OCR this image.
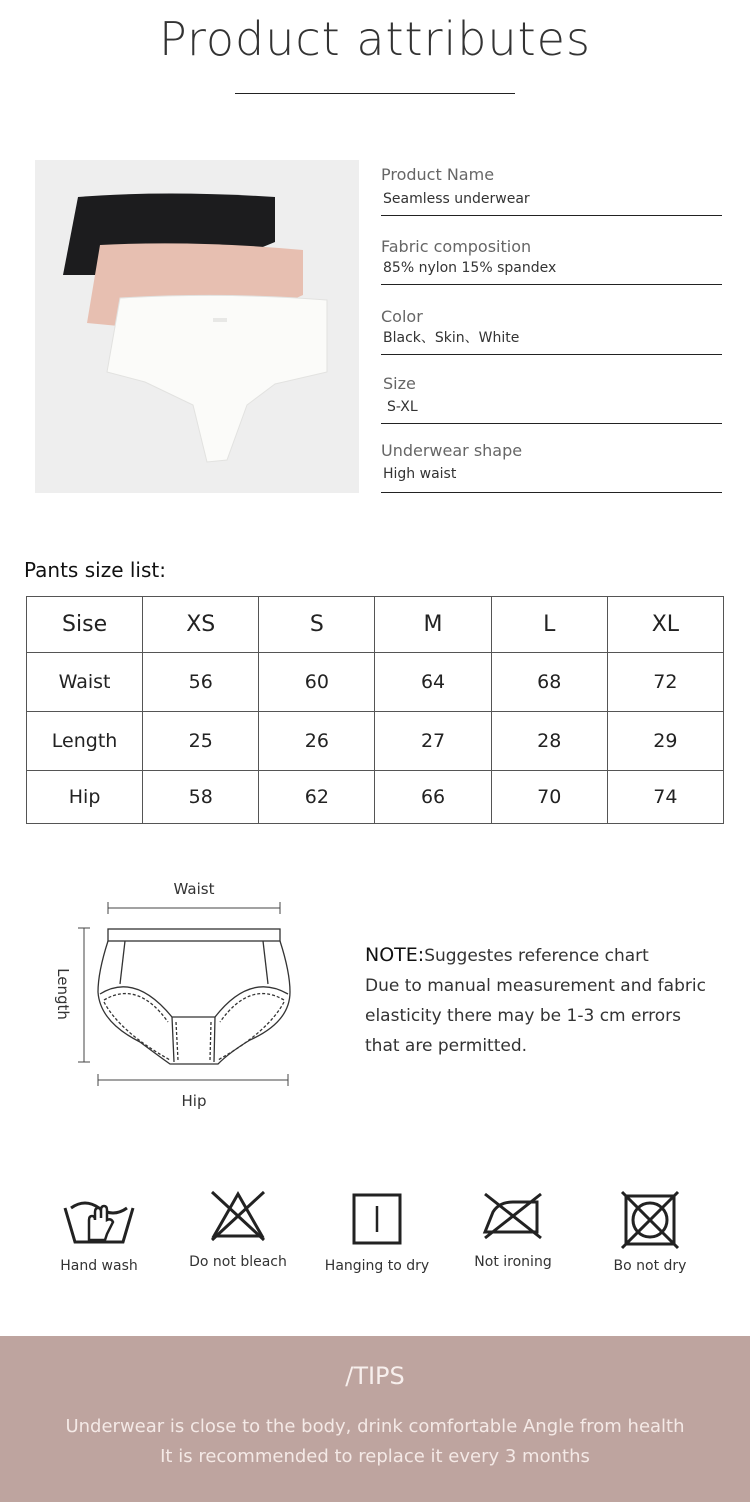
Product attributes
Product Name
Seamless underwear
Fabric composition
85% nylon 15% spandex
Color
Black、Skin、White
Size
S-XL
Underwear shape
High waist
Pants size list:
Sise	XS	S	M	L	XL
Waist	56	60	64	68	72
Length	25	26	27	28	29
Hip	58	62	66	70	74
Waist
Length
Hip
NOTE:Suggestes reference chart
Due to manual measurement and fabric
elasticity there may be 1-3 cm errors
that are permitted.
Hand wash	Do not bleach	Hanging to dry	Not ironing	Bo not dry
/TIPS
Underwear is close to the body, drink comfortable Angle from health
It is recommended to replace it every 3 months
